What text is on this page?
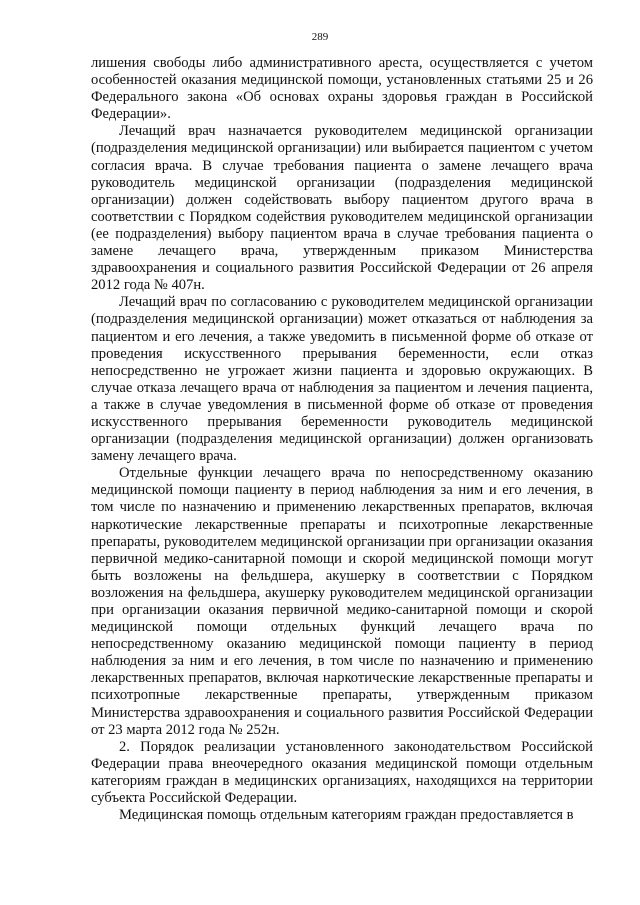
289

лишения свободы либо административного ареста, осуществляется с учетом особенностей оказания медицинской помощи, установленных статьями 25 и 26 Федерального закона «Об основах охраны здоровья граждан в Российской Федерации».

Лечащий врач назначается руководителем медицинской организации (подразделения медицинской организации) или выбирается пациентом с учетом согласия врача. В случае требования пациента о замене лечащего врача руководитель медицинской организации (подразделения медицинской организации) должен содействовать выбору пациентом другого врача в соответствии с Порядком содействия руководителем медицинской организации (ее подразделения) выбору пациентом врача в случае требования пациента о замене лечащего врача, утвержденным приказом Министерства здравоохранения и социального развития Российской Федерации от 26 апреля 2012 года № 407н.

Лечащий врач по согласованию с руководителем медицинской организации (подразделения медицинской организации) может отказаться от наблюдения за пациентом и его лечения, а также уведомить в письменной форме об отказе от проведения искусственного прерывания беременности, если отказ непосредственно не угрожает жизни пациента и здоровью окружающих. В случае отказа лечащего врача от наблюдения за пациентом и лечения пациента, а также в случае уведомления в письменной форме об отказе от проведения искусственного прерывания беременности руководитель медицинской организации (подразделения медицинской организации) должен организовать замену лечащего врача.

Отдельные функции лечащего врача по непосредственному оказанию медицинской помощи пациенту в период наблюдения за ним и его лечения, в том числе по назначению и применению лекарственных препаратов, включая наркотические лекарственные препараты и психотропные лекарственные препараты, руководителем медицинской организации при организации оказания первичной медико-санитарной помощи и скорой медицинской помощи могут быть возложены на фельдшера, акушерку в соответствии с Порядком возложения на фельдшера, акушерку руководителем медицинской организации при организации оказания первичной медико-санитарной помощи и скорой медицинской помощи отдельных функций лечащего врача по непосредственному оказанию медицинской помощи пациенту в период наблюдения за ним и его лечения, в том числе по назначению и применению лекарственных препаратов, включая наркотические лекарственные препараты и психотропные лекарственные препараты, утвержденным приказом Министерства здравоохранения и социального развития Российской Федерации от 23 марта 2012 года № 252н.

2. Порядок реализации установленного законодательством Российской Федерации права внеочередного оказания медицинской помощи отдельным категориям граждан в медицинских организациях, находящихся на территории субъекта Российской Федерации.

Медицинская помощь отдельным категориям граждан предоставляется в
